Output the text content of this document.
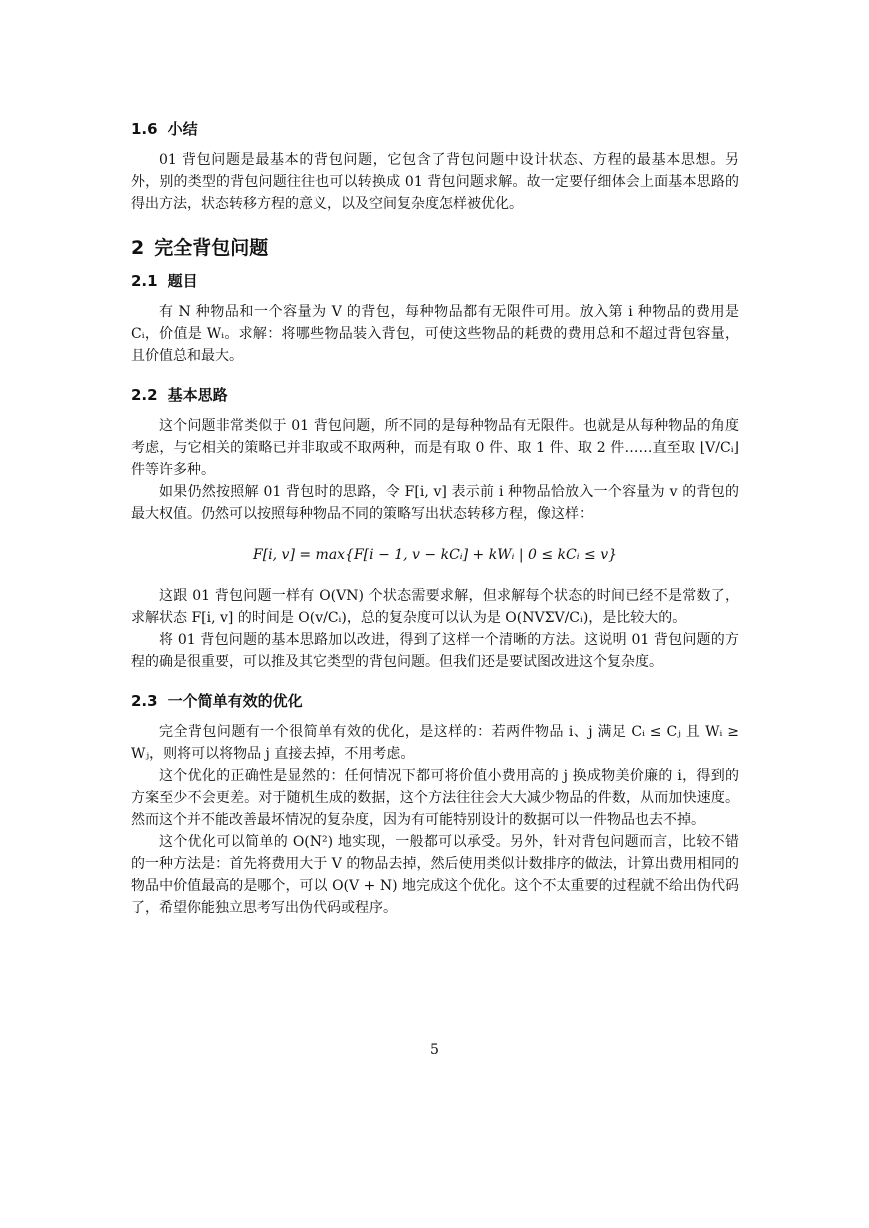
1.6 小结

01 背包问题是最基本的背包问题，它包含了背包问题中设计状态、方程的最基本思想。另外，别的类型的背包问题往往也可以转换成 01 背包问题求解。故一定要仔细体会上面基本思路的得出方法，状态转移方程的意义，以及空间复杂度怎样被优化。

2 完全背包问题
2.1 题目

有 N 种物品和一个容量为 V 的背包，每种物品都有无限件可用。放入第 i 种物品的费用是 Cᵢ，价值是 Wᵢ。求解：将哪些物品装入背包，可使这些物品的耗费的费用总和不超过背包容量，且价值总和最大。

2.2 基本思路

这个问题非常类似于 01 背包问题，所不同的是每种物品有无限件。也就是从每种物品的角度考虑，与它相关的策略已并非取或不取两种，而是有取 0 件、取 1 件、取 2 件……直至取 ⌊V/Cᵢ⌋ 件等许多种。

如果仍然按照解 01 背包时的思路，令 F[i, v] 表示前 i 种物品恰放入一个容量为 v 的背包的最大权值。仍然可以按照每种物品不同的策略写出状态转移方程，像这样：

F[i, v] = max{F[i − 1, v − kCᵢ] + kWᵢ | 0 ≤ kCᵢ ≤ v}

这跟 01 背包问题一样有 O(VN) 个状态需要求解，但求解每个状态的时间已经不是常数了，求解状态 F[i, v] 的时间是 O(v/Cᵢ)，总的复杂度可以认为是 O(NVΣV/Cᵢ)，是比较大的。

将 01 背包问题的基本思路加以改进，得到了这样一个清晰的方法。这说明 01 背包问题的方程的确是很重要，可以推及其它类型的背包问题。但我们还是要试图改进这个复杂度。

2.3 一个简单有效的优化

完全背包问题有一个很简单有效的优化，是这样的：若两件物品 i、j 满足 Cᵢ ≤ Cⱼ 且 Wᵢ ≥ Wⱼ，则将可以将物品 j 直接去掉，不用考虑。

这个优化的正确性是显然的：任何情况下都可将价值小费用高的 j 换成物美价廉的 i，得到的方案至少不会更差。对于随机生成的数据，这个方法往往会大大减少物品的件数，从而加快速度。然而这个并不能改善最坏情况的复杂度，因为有可能特别设计的数据可以一件物品也去不掉。

这个优化可以简单的 O(N²) 地实现，一般都可以承受。另外，针对背包问题而言，比较不错的一种方法是：首先将费用大于 V 的物品去掉，然后使用类似计数排序的做法，计算出费用相同的物品中价值最高的是哪个，可以 O(V + N) 地完成这个优化。这个不太重要的过程就不给出伪代码了，希望你能独立思考写出伪代码或程序。

5
